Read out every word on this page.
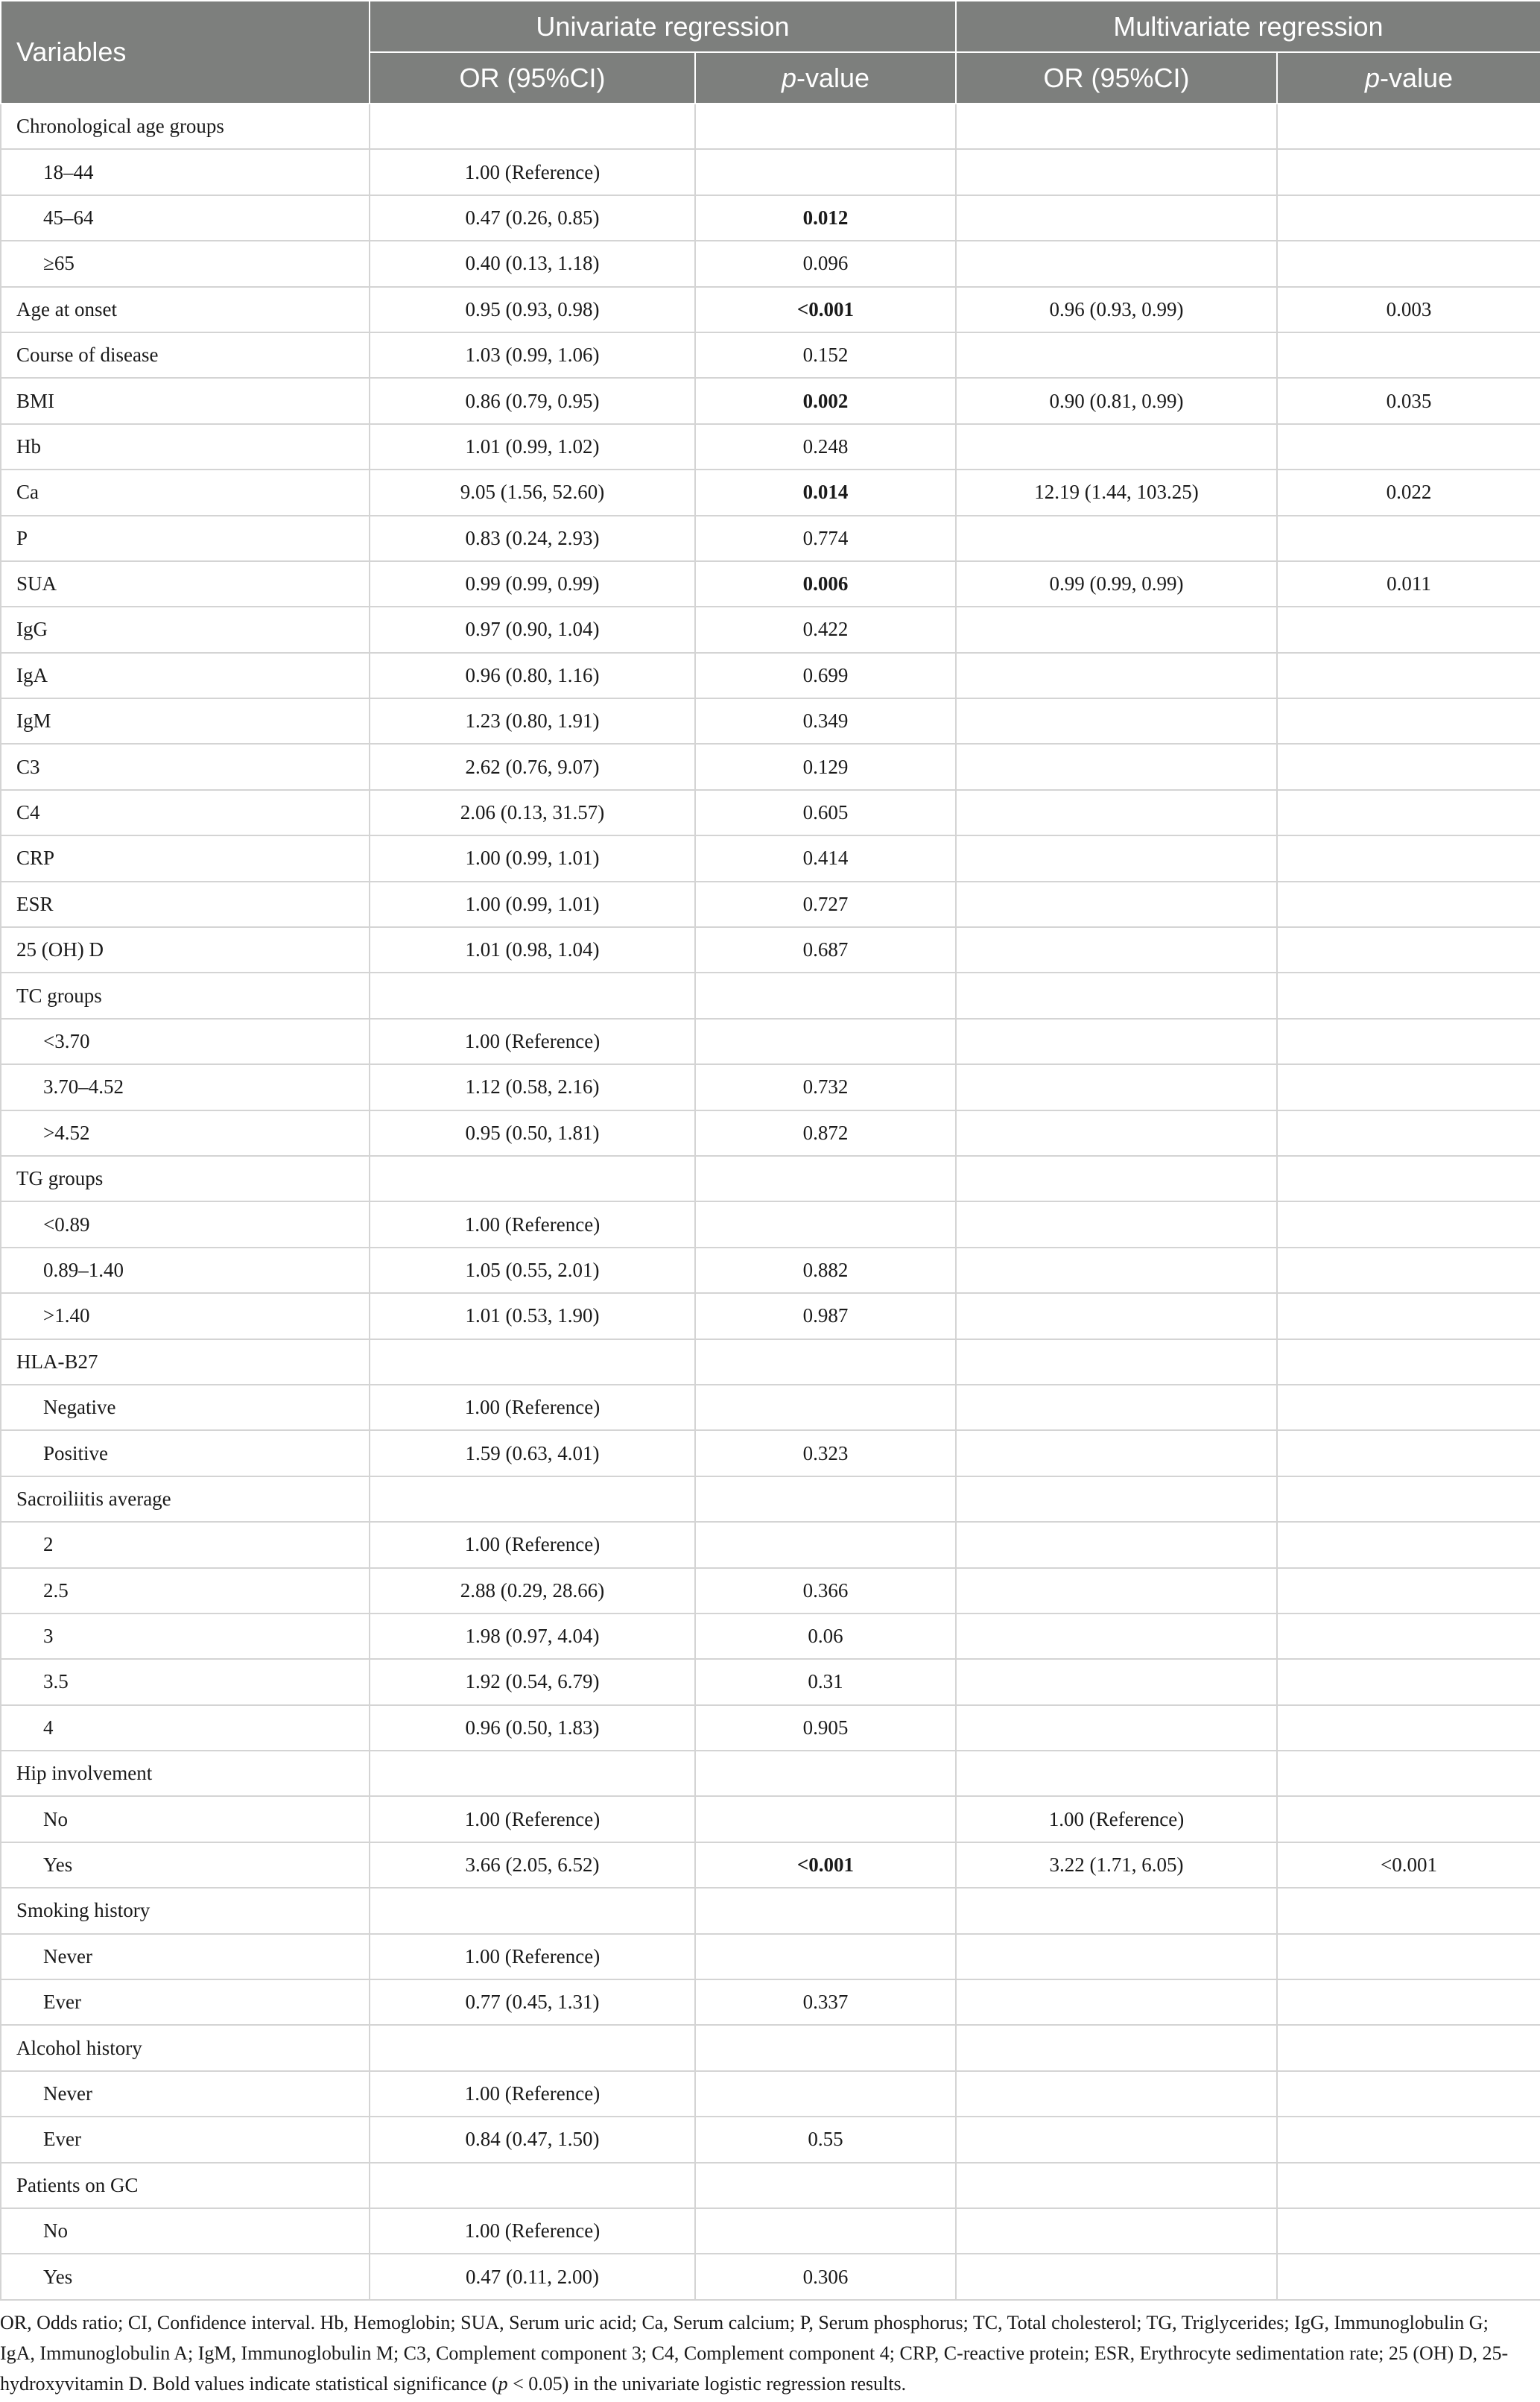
Variables	Univariate regression		Multivariate regression	
	OR (95%CI)	p-value	OR (95%CI)	p-value
Chronological age groups				
18–44	1.00 (Reference)			
45–64	0.47 (0.26, 0.85)	0.012		
≥65	0.40 (0.13, 1.18)	0.096		
Age at onset	0.95 (0.93, 0.98)	<0.001	0.96 (0.93, 0.99)	0.003
Course of disease	1.03 (0.99, 1.06)	0.152		
BMI	0.86 (0.79, 0.95)	0.002	0.90 (0.81, 0.99)	0.035
Hb	1.01 (0.99, 1.02)	0.248		
Ca	9.05 (1.56, 52.60)	0.014	12.19 (1.44, 103.25)	0.022
P	0.83 (0.24, 2.93)	0.774		
SUA	0.99 (0.99, 0.99)	0.006	0.99 (0.99, 0.99)	0.011
IgG	0.97 (0.90, 1.04)	0.422		
IgA	0.96 (0.80, 1.16)	0.699		
IgM	1.23 (0.80, 1.91)	0.349		
C3	2.62 (0.76, 9.07)	0.129		
C4	2.06 (0.13, 31.57)	0.605		
CRP	1.00 (0.99, 1.01)	0.414		
ESR	1.00 (0.99, 1.01)	0.727		
25 (OH) D	1.01 (0.98, 1.04)	0.687		
TC groups				
<3.70	1.00 (Reference)			
3.70–4.52	1.12 (0.58, 2.16)	0.732		
>4.52	0.95 (0.50, 1.81)	0.872		
TG groups				
<0.89	1.00 (Reference)			
0.89–1.40	1.05 (0.55, 2.01)	0.882		
>1.40	1.01 (0.53, 1.90)	0.987		
HLA-B27				
Negative	1.00 (Reference)			
Positive	1.59 (0.63, 4.01)	0.323		
Sacroiliitis average				
2	1.00 (Reference)			
2.5	2.88 (0.29, 28.66)	0.366		
3	1.98 (0.97, 4.04)	0.06		
3.5	1.92 (0.54, 6.79)	0.31		
4	0.96 (0.50, 1.83)	0.905		
Hip involvement				
No	1.00 (Reference)		1.00 (Reference)	
Yes	3.66 (2.05, 6.52)	<0.001	3.22 (1.71, 6.05)	<0.001
Smoking history				
Never	1.00 (Reference)			
Ever	0.77 (0.45, 1.31)	0.337		
Alcohol history				
Never	1.00 (Reference)			
Ever	0.84 (0.47, 1.50)	0.55		
Patients on GC				
No	1.00 (Reference)			
Yes	0.47 (0.11, 2.00)	0.306		

OR, Odds ratio; CI, Confidence interval. Hb, Hemoglobin; SUA, Serum uric acid; Ca, Serum calcium; P, Serum phosphorus; TC, Total cholesterol; TG, Triglycerides; IgG, Immunoglobulin G; IgA, Immunoglobulin A; IgM, Immunoglobulin M; C3, Complement component 3; C4, Complement component 4; CRP, C-reactive protein; ESR, Erythrocyte sedimentation rate; 25 (OH) D, 25-hydroxyvitamin D. Bold values indicate statistical significance (p < 0.05) in the univariate logistic regression results.
